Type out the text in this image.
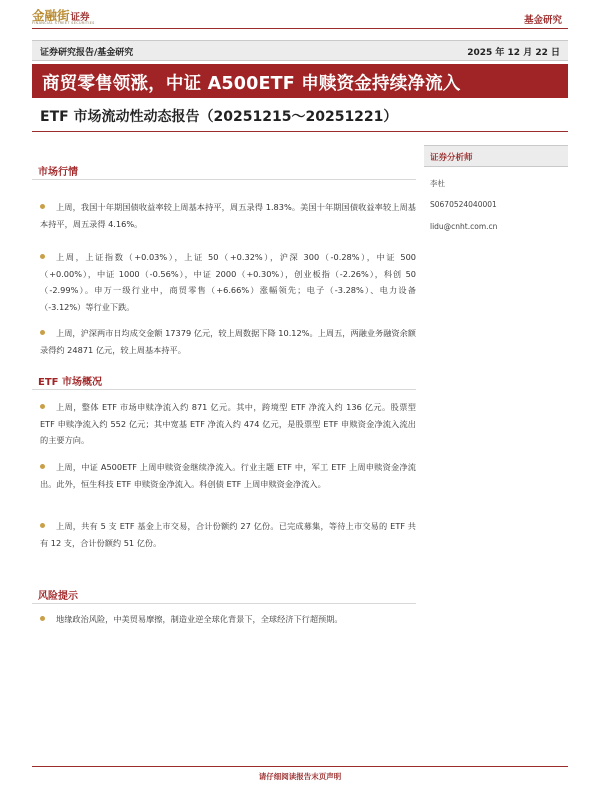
金融街证券
FINANCIAL STREET SECURITIES	基金研究
证券研究报告/基金研究	2025 年 12 月 22 日
商贸零售领涨，中证 A500ETF 申赎资金持续净流入
ETF 市场流动性动态报告（20251215～20251221）
市场行情
上周，我国十年期国债收益率较上周基本持平，周五录得 1.83%。美国十年期国债收益率较上周基本持平，周五录得 4.16%。
上周，上证指数（+0.03%），上证 50（+0.32%），沪深 300（-0.28%），中证 500（+0.00%），中证 1000（-0.56%），中证 2000（+0.30%），创业板指（-2.26%），科创 50（-2.99%）。申万一级行业中，商贸零售（+6.66%）涨幅领先；电子（-3.28%）、电力设备（-3.12%）等行业下跌。
上周，沪深两市日均成交金额 17379 亿元，较上周数据下降 10.12%。上周五，两融业务融资余额录得约 24871 亿元，较上周基本持平。
ETF 市场概况
上周，整体 ETF 市场申赎净流入约 871 亿元。其中，跨境型 ETF 净流入约 136 亿元。股票型 ETF 申赎净流入约 552 亿元；其中宽基 ETF 净流入约 474 亿元，是股票型 ETF 申赎资金净流入流出的主要方向。
上周，中证 A500ETF 上周申赎资金继续净流入。行业主题 ETF 中，军工 ETF 上周申赎资金净流出。此外，恒生科技 ETF 申赎资金净流入。科创债 ETF 上周申赎资金净流入。
上周，共有 5 支 ETF 基金上市交易，合计份额约 27 亿份。已完成募集，等待上市交易的 ETF 共有 12 支，合计份额约 51 亿份。
风险提示
地缘政治风险，中美贸易摩擦，制造业逆全球化背景下，全球经济下行超预期。
证券分析师
李杜
S0670524040001
lidu@cnht.com.cn
请仔细阅读报告末页声明
